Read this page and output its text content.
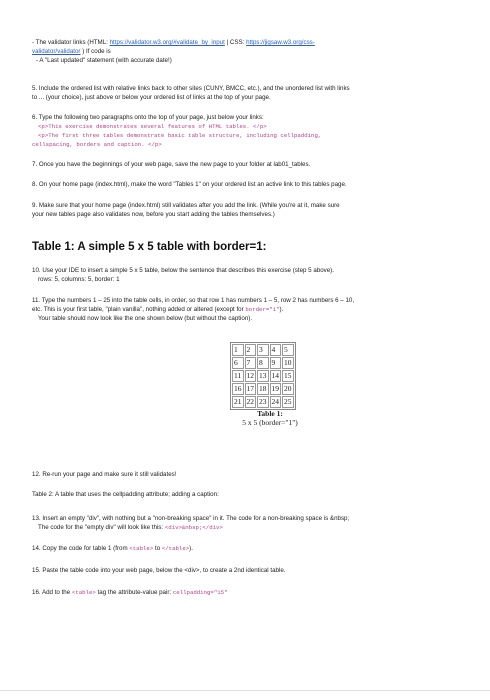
- The validator links (HTML: https://validator.w3.org/#validate_by_input | CSS: https://jigsaw.w3.org/css-
validator/validator ) If code is
- A "Last updated" statement (with accurate date!)
5. Include the ordered list with relative links back to other sites (CUNY, BMCC, etc.), and the unordered list with links
to ... (your choice), just above or below your ordered list of links at the top of your page.
6. Type the following two paragraphs onto the top of your page, just below your links:
<p>This exercise demonstrates several features of HTML tables. </p>
<p>The first three tables demonstrate basic table structure, including cellpadding,
cellspacing, borders and caption. </p>
7. Once you have the beginnings of your web page, save the new page to your folder at lab01_tables.
8. On your home page (index.html), make the word "Tables 1" on your ordered list an active link to this tables page.
9. Make sure that your home page (index.html) still validates after you add the link. (While you're at it, make sure
your new tables page also validates now, before you start adding the tables themselves.)
Table 1: A simple 5 x 5 table with border=1:
10. Use your IDE to insert a simple 5 x 5 table, below the sentence that describes this exercise (step 5 above).
rows: 5, columns: 5, border: 1
11. Type the numbers 1 – 25 into the table cells, in order, so that row 1 has numbers 1 – 5, row 2 has numbers 6 – 10,
etc. This is your first table, "plain vanilla", nothing added or altered (except for border="1").
Your table should now look like the one shown below (but without the caption).
1	2	3	4	5
6	7	8	9	10
11	12	13	14	15
16	17	18	19	20
21	22	23	24	25
Table 1:
5 x 5 (border="1")
12. Re-run your page and make sure it still validates!
Table 2: A table that uses the cellpadding attribute; adding a caption:
13. Insert an empty "div", with nothing but a "non-breaking space" in it. The code for a non-breaking space is &nbsp;
The code for the "empty div" will look like this: <div>&nbsp;</div>
14. Copy the code for table 1 (from <table> to </table>).
15. Paste the table code into your web page, below the <div>, to create a 2nd identical table.
16. Add to the <table> tag the attribute-value pair: cellpadding="15"
